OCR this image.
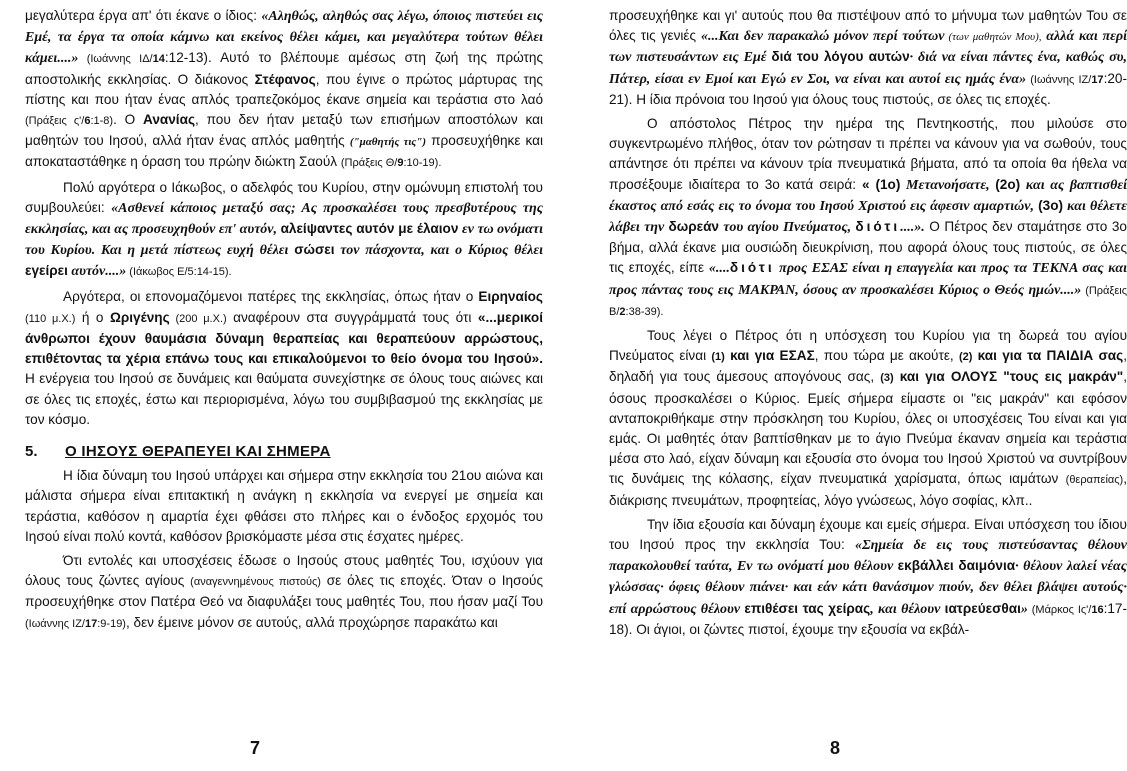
μεγαλύτερα έργα απ' ότι έκανε ο ίδιος: «Αληθώς, αληθώς σας λέγω, όποιος πιστεύει εις Εμέ, τα έργα τα οποία κάμνω και εκείνος θέλει κάμει, και μεγαλύτερα τούτων θέλει κάμει....» (Ιωάννης ΙΔ/14:12-13). Αυτό το βλέπουμε αμέσως στη ζωή της πρώτης αποστολικής εκκλησίας. Ο διάκονος Στέφανος, που έγινε ο πρώτος μάρτυρας της πίστης και που ήταν ένας απλός τραπεζοκόμος έκανε σημεία και τεράστια στο λαό (Πράξεις ς'/6:1-8). Ο Ανανίας, που δεν ήταν μεταξύ των επισήμων αποστόλων και μαθητών του Ιησού, αλλά ήταν ένας απλός μαθητής ("μαθητής τις") προσευχήθηκε και αποκαταστάθηκε η όραση του πρώην διώκτη Σαούλ (Πράξεις Θ/9:10-19).

Πολύ αργότερα ο Ιάκωβος, ο αδελφός του Κυρίου, στην ομώνυμη επιστολή του συμβουλεύει: «Ασθενεί κάποιος μεταξύ σας; Ας προσκαλέσει τους πρεσβυτέρους της εκκλησίας, και ας προσευχηθούν επ' αυτόν, αλείψαντες αυτόν με έλαιον εν τω ονόματι του Κυρίου. Και η μετά πίστεως ευχή θέλει σώσει τον πάσχοντα, και ο Κύριος θέλει εγείρει αυτόν....» (Ιάκωβος Ε/5:14-15).

Αργότερα, οι επονομαζόμενοι πατέρες της εκκλησίας, όπως ήταν ο Ειρηναίος (110 μ.Χ.) ή ο Ωριγένης (200 μ.Χ.) αναφέρουν στα συγγράμματά τους ότι «...μερικοί άνθρωποι έχουν θαυμάσια δύναμη θεραπείας και θεραπεύουν αρρώστους, επιθέτοντας τα χέρια επάνω τους και επικαλούμενοι το θείο όνομα του Ιησού». Η ενέργεια του Ιησού σε δυνάμεις και θαύματα συνεχίστηκε σε όλους τους αιώνες και σε όλες τις εποχές, έστω και περιορισμένα, λόγω του συμβιβασμού της εκκλησίας με τον κόσμο.

5.	Ο ΙΗΣΟΥΣ ΘΕΡΑΠΕΥΕΙ ΚΑΙ ΣΗΜΕΡΑ

Η ίδια δύναμη του Ιησού υπάρχει και σήμερα στην εκκλησία του 21ου αιώνα και μάλιστα σήμερα είναι επιτακτική η ανάγκη η εκκλησία να ενεργεί με σημεία και τεράστια, καθόσον η αμαρτία έχει φθάσει στο πλήρες και ο ένδοξος ερχομός του Ιησού είναι πολύ κοντά, καθόσον βρισκόμαστε μέσα στις έσχατες ημέρες.

Ότι εντολές και υποσχέσεις έδωσε ο Ιησούς στους μαθητές Του, ισχύουν για όλους τους ζώντες αγίους (αναγεννημένους πιστούς) σε όλες τις εποχές. Όταν ο Ιησούς προσευχήθηκε στον Πατέρα Θεό να διαφυλάξει τους μαθητές Του, που ήσαν μαζί Του (Ιωάννης ΙΖ/17:9-19), δεν έμεινε μόνον σε αυτούς, αλλά προχώρησε παρακάτω και

προσευχήθηκε και γι' αυτούς που θα πιστέψουν από το μήνυμα των μαθητών Του σε όλες τις γενιές «...Και δεν παρακαλώ μόνον περί τούτων (των μαθητών Μου), αλλά και περί των πιστευσάντων εις Εμέ διά του λόγου αυτών· διά να είναι πάντες ένα, καθώς συ, Πάτερ, είσαι εν Εμοί και Εγώ εν Σοι, να είναι και αυτοί εις ημάς ένα» (Ιωάννης ΙΖ/17:20-21). Η ίδια πρόνοια του Ιησού για όλους τους πιστούς, σε όλες τις εποχές.

Ο απόστολος Πέτρος την ημέρα της Πεντηκοστής, που μιλούσε στο συγκεντρωμένο πλήθος, όταν τον ρώτησαν τι πρέπει να κάνουν για να σωθούν, τους απάντησε ότι πρέπει να κάνουν τρία πνευματικά βήματα, από τα οποία θα ήθελα να προσέξουμε ιδιαίτερα το 3ο κατά σειρά: « (1ο) Μετανοήσατε, (2ο) και ας βαπτισθεί έκαστος από εσάς εις το όνομα του Ιησού Χριστού εις άφεσιν αμαρτιών, (3ο) και θέλετε λάβει την δωρεάν του αγίου Πνεύματος, διότι....». Ο Πέτρος δεν σταμάτησε στο 3ο βήμα, αλλά έκανε μια ουσιώδη διευκρίνιση, που αφορά όλους τους πιστούς, σε όλες τις εποχές, είπε «....διότι προς ΕΣΑΣ είναι η επαγγελία και προς τα ΤΕΚΝΑ σας και προς πάντας τους εις ΜΑΚΡΑΝ, όσους αν προσκαλέσει Κύριος ο Θεός ημών....» (Πράξεις Β/2:38-39).

Τους λέγει ο Πέτρος ότι η υπόσχεση του Κυρίου για τη δωρεά του αγίου Πνεύματος είναι (1) και για ΕΣΑΣ, που τώρα με ακούτε, (2) και για τα ΠΑΙΔΙΑ σας, δηλαδή για τους άμεσους απογόνους σας, (3) και για ΟΛΟΥΣ "τους εις μακράν", όσους προσκαλέσει ο Κύριος. Εμείς σήμερα είμαστε οι "εις μακράν" και εφόσον ανταποκριθήκαμε στην πρόσκληση του Κυρίου, όλες οι υποσχέσεις Του είναι και για εμάς. Οι μαθητές όταν βαπτίσθηκαν με το άγιο Πνεύμα έκαναν σημεία και τεράστια μέσα στο λαό, είχαν δύναμη και εξουσία στο όνομα του Ιησού Χριστού να συντρίβουν τις δυνάμεις της κόλασης, είχαν πνευματικά χαρίσματα, όπως ιαμάτων (θεραπείας), διάκρισης πνευμάτων, προφητείας, λόγο γνώσεως, λόγο σοφίας, κλπ..

Την ίδια εξουσία και δύναμη έχουμε και εμείς σήμερα. Είναι υπόσχεση του ίδιου του Ιησού προς την εκκλησία Του: «Σημεία δε εις τους πιστεύσαντας θέλουν παρακολουθεί ταύτα, Εν τω ονόματί μου θέλουν εκβάλλει δαιμόνια· θέλουν λαλεί νέας γλώσσας· όφεις θέλουν πιάνει· και εάν κάτι θανάσιμον πιούν, δεν θέλει βλάψει αυτούς· επί αρρώστους θέλουν επιθέσει τας χείρας, και θέλουν ιατρεύεσθαι» (Μάρκος Ις'/16:17-18). Οι άγιοι, οι ζώντες πιστοί, έχουμε την εξουσία να εκβάλ-

7	8
